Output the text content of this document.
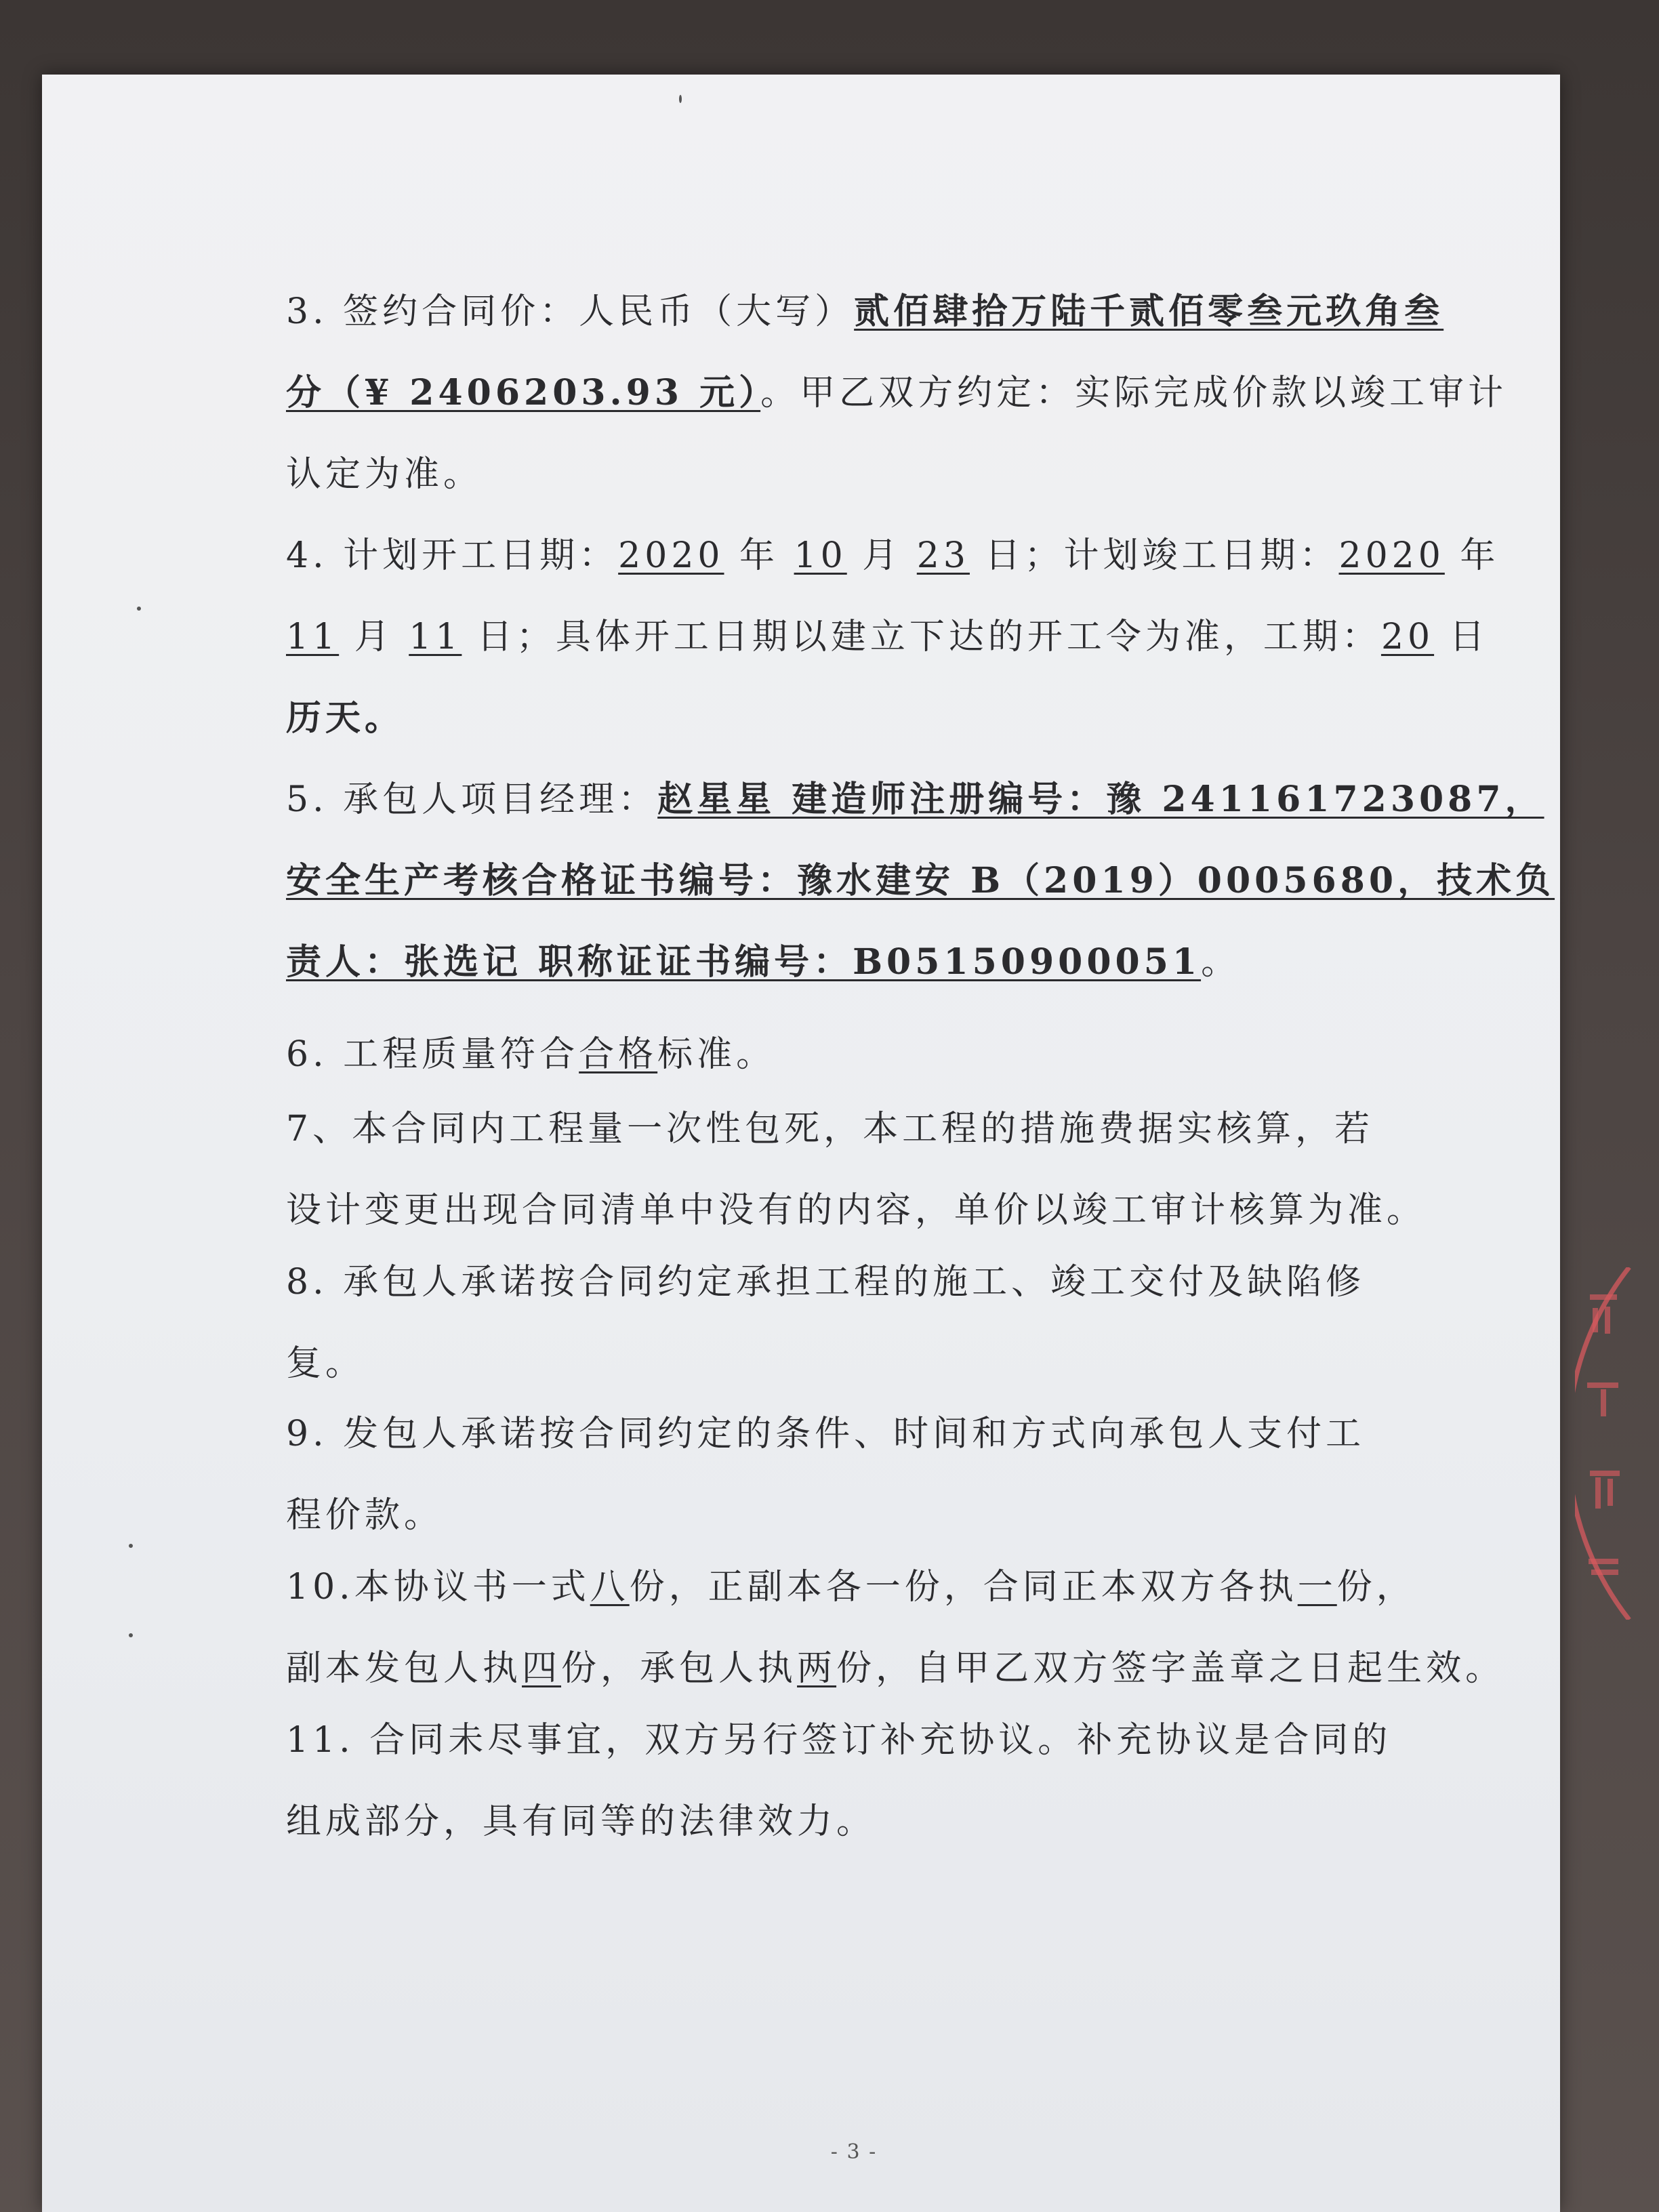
3. 签约合同价：人民币（大写）贰佰肆拾万陆千贰佰零叁元玖角叁
分（¥ 2406203.93 元）。甲乙双方约定：实际完成价款以竣工审计
认定为准。
4. 计划开工日期：2020 年 10 月 23 日；计划竣工日期：2020 年
11 月 11 日；具体开工日期以建立下达的开工令为准，工期：20 日
历天。
5. 承包人项目经理：赵星星 建造师注册编号：豫 241161723087，
安全生产考核合格证书编号：豫水建安 B（2019）0005680，技术负
责人：张选记 职称证证书编号：B05150900051。
6. 工程质量符合合格标准。
7、本合同内工程量一次性包死，本工程的措施费据实核算，若
设计变更出现合同清单中没有的内容，单价以竣工审计核算为准。
8. 承包人承诺按合同约定承担工程的施工、竣工交付及缺陷修
复。
9. 发包人承诺按合同约定的条件、时间和方式向承包人支付工
程价款。
10.本协议书一式八份，正副本各一份，合同正本双方各执一份，
副本发包人执四份，承包人执两份，自甲乙双方签字盖章之日起生效。
11. 合同未尽事宜，双方另行签订补充协议。补充协议是合同的
组成部分，具有同等的法律效力。
- 3 -
